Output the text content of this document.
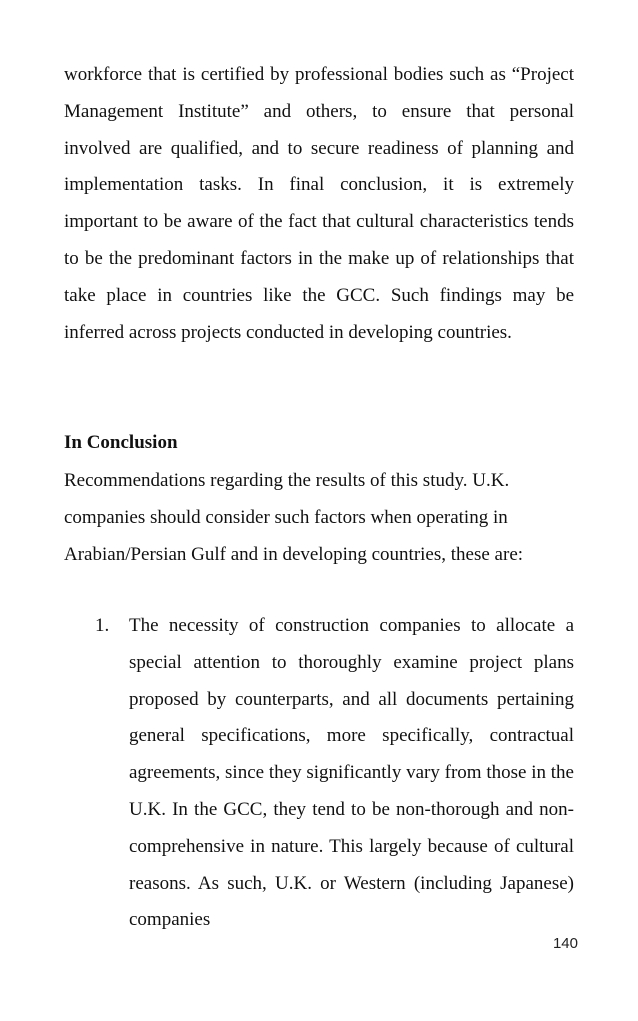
workforce that is certified by professional bodies such as “Project Management Institute” and others, to ensure that personal involved are qualified, and to secure readiness of planning and implementation tasks. In final conclusion, it is extremely important to be aware of the fact that cultural characteristics tends to be the predominant factors in the make up of relationships that take place in countries like the GCC. Such findings may be inferred across projects conducted in developing countries.

In Conclusion

Recommendations regarding the results of this study. U.K. companies should consider such factors when operating in Arabian/Persian Gulf and in developing countries, these are:

1. The necessity of construction companies to allocate a special attention to thoroughly examine project plans proposed by counterparts, and all documents pertaining general specifications, more specifically, contractual agreements, since they significantly vary from those in the U.K. In the GCC, they tend to be non-thorough and non-comprehensive in nature. This largely because of cultural reasons. As such, U.K. or Western (including Japanese) companies
140
